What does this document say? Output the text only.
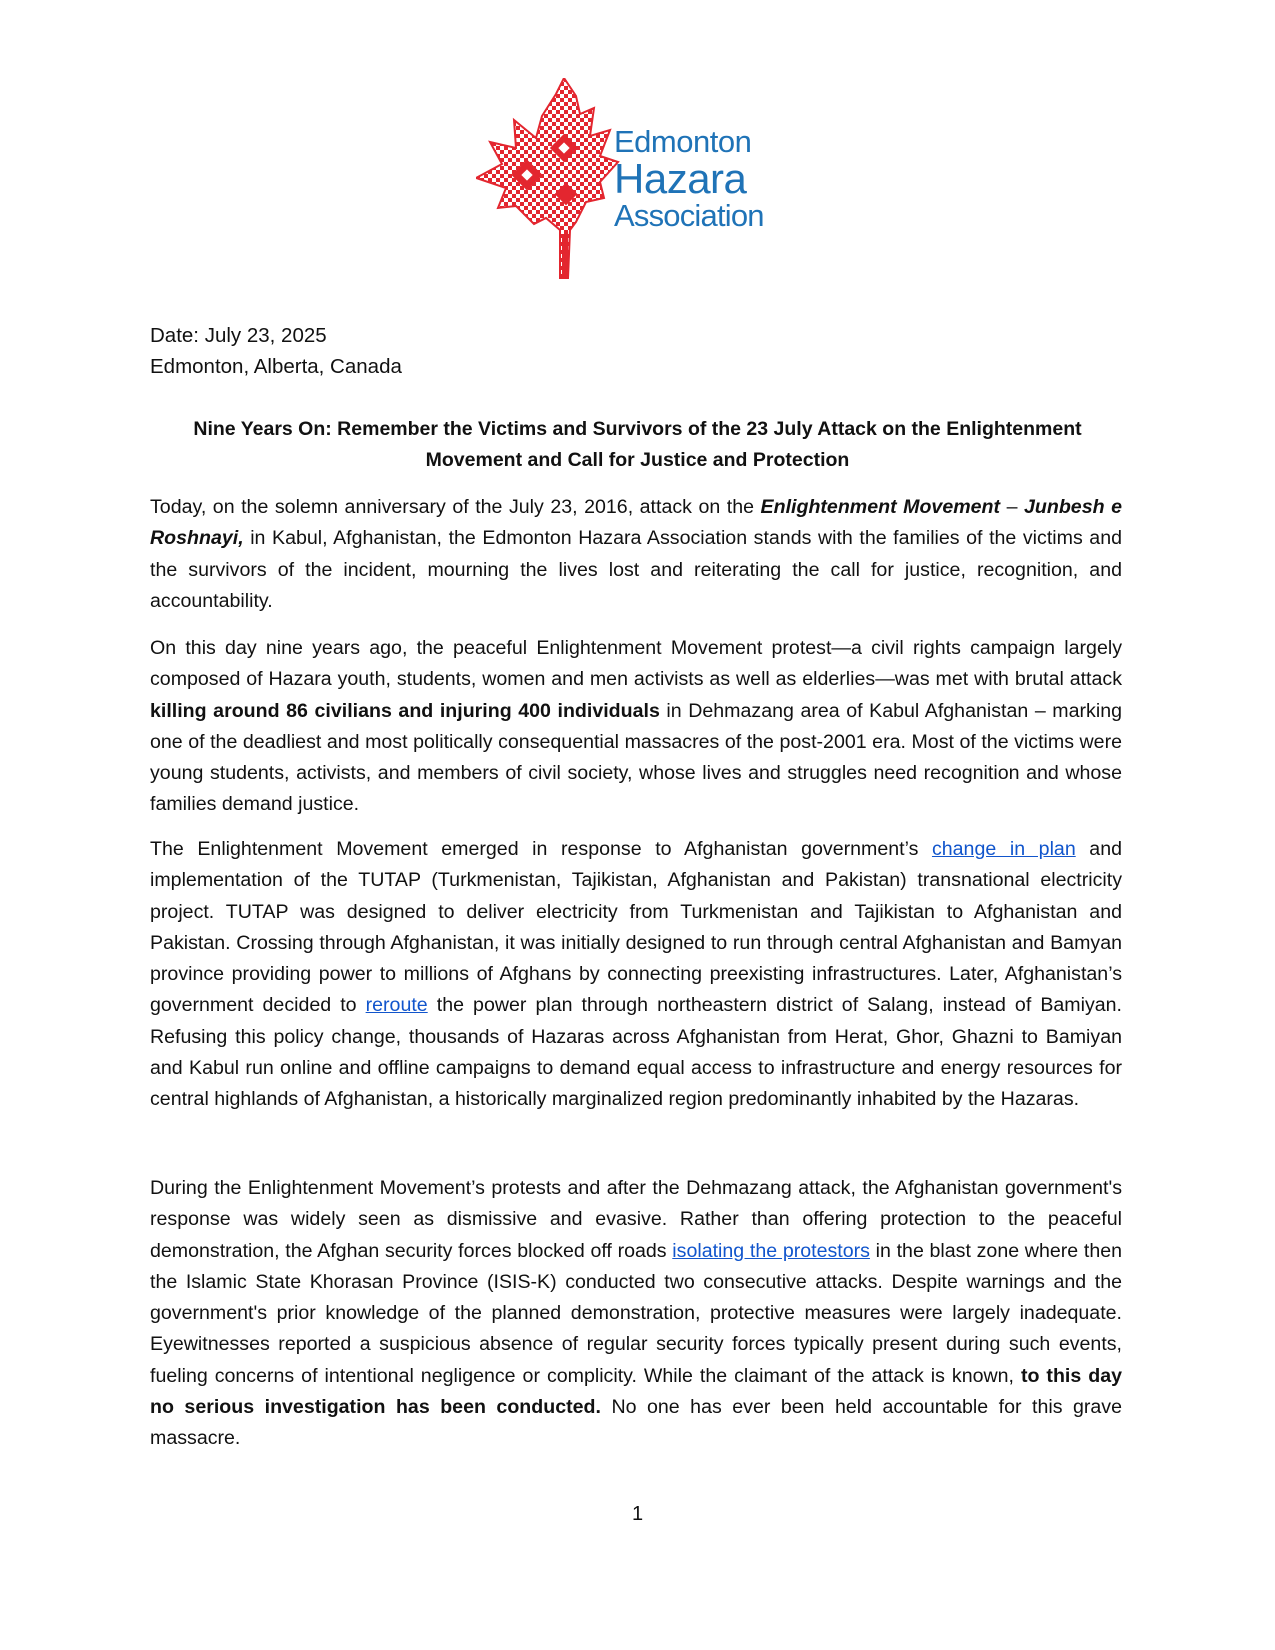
Edmonton
Hazara
Association
Date: July 23, 2025
Edmonton, Alberta, Canada
Nine Years On: Remember the Victims and Survivors of the 23 July Attack on the Enlightenment
Movement and Call for Justice and Protection
Today, on the solemn anniversary of the July 23, 2016, attack on the Enlightenment Movement – Junbesh e Roshnayi, in Kabul, Afghanistan, the Edmonton Hazara Association stands with the families of the victims and the survivors of the incident, mourning the lives lost and reiterating the call for justice, recognition, and accountability.
On this day nine years ago, the peaceful Enlightenment Movement protest—a civil rights campaign largely composed of Hazara youth, students, women and men activists as well as elderlies—was met with brutal attack killing around 86 civilians and injuring 400 individuals in Dehmazang area of Kabul Afghanistan – marking one of the deadliest and most politically consequential massacres of the post-2001 era. Most of the victims were young students, activists, and members of civil society, whose lives and struggles need recognition and whose families demand justice.
The Enlightenment Movement emerged in response to Afghanistan government’s change in plan and implementation of the TUTAP (Turkmenistan, Tajikistan, Afghanistan and Pakistan) transnational electricity project. TUTAP was designed to deliver electricity from Turkmenistan and Tajikistan to Afghanistan and Pakistan. Crossing through Afghanistan, it was initially designed to run through central Afghanistan and Bamyan province providing power to millions of Afghans by connecting preexisting infrastructures. Later, Afghanistan’s government decided to reroute the power plan through northeastern district of Salang, instead of Bamiyan. Refusing this policy change, thousands of Hazaras across Afghanistan from Herat, Ghor, Ghazni to Bamiyan and Kabul run online and offline campaigns to demand equal access to infrastructure and energy resources for central highlands of Afghanistan, a historically marginalized region predominantly inhabited by the Hazaras.
During the Enlightenment Movement’s protests and after the Dehmazang attack, the Afghanistan government's response was widely seen as dismissive and evasive. Rather than offering protection to the peaceful demonstration, the Afghan security forces blocked off roads isolating the protestors in the blast zone where then the Islamic State Khorasan Province (ISIS-K) conducted two consecutive attacks. Despite warnings and the government's prior knowledge of the planned demonstration, protective measures were largely inadequate. Eyewitnesses reported a suspicious absence of regular security forces typically present during such events, fueling concerns of intentional negligence or complicity. While the claimant of the attack is known, to this day no serious investigation has been conducted. No one has ever been held accountable for this grave massacre.
1
